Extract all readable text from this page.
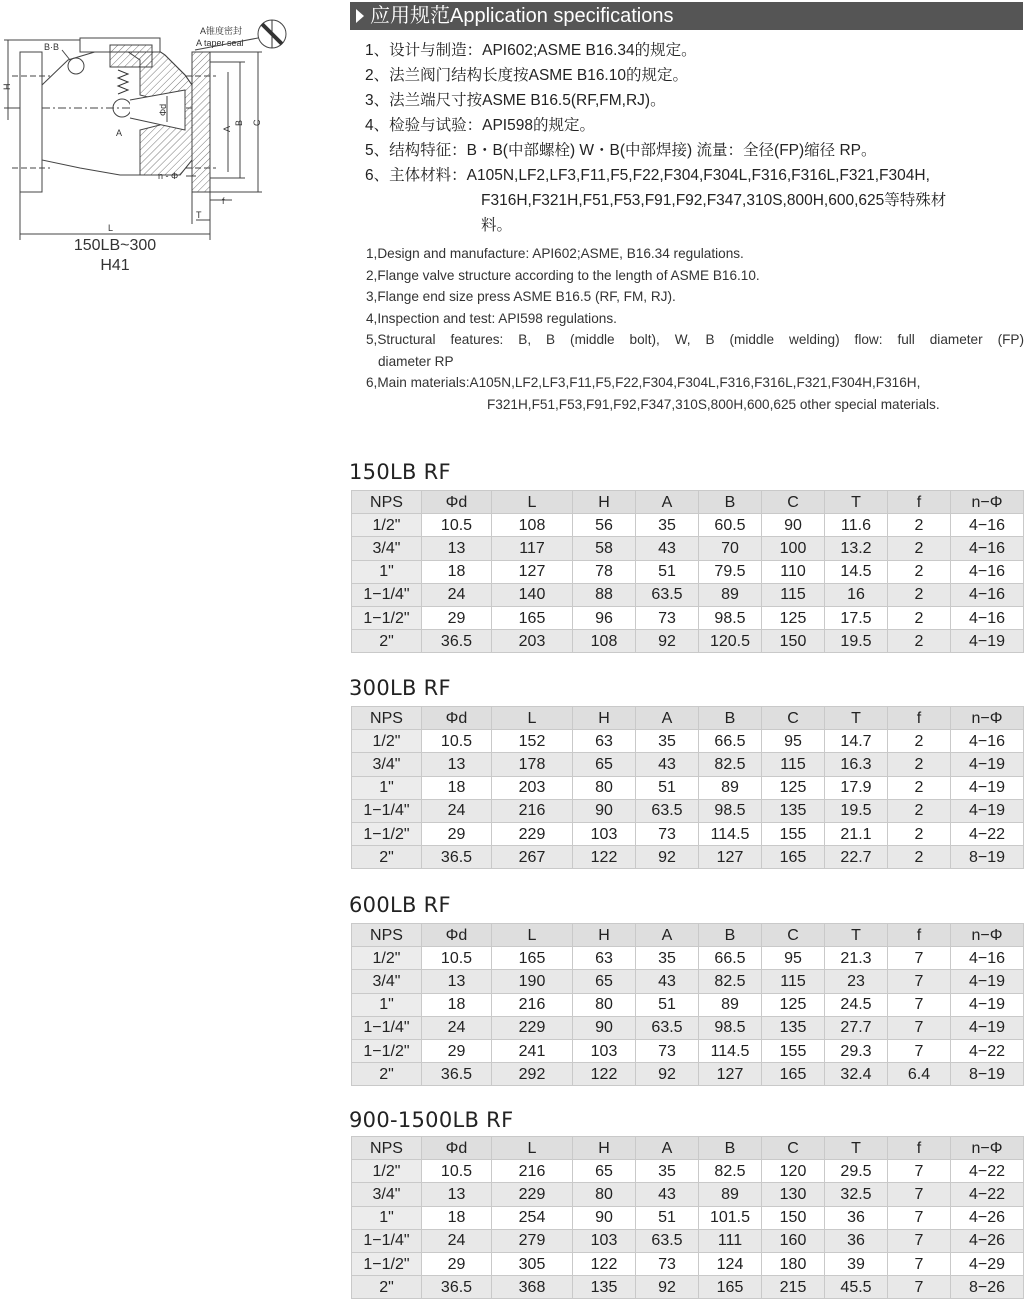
B·B
A锥度密封
A taper seal
H
Φd
A
B C
n - Φ
f
T
L
A
150LB~300
H41
应用规范Application specifications
1、设计与制造：API602;ASME B16.34的规定。
2、法兰阀门结构长度按ASME B16.10的规定。
3、法兰端尺寸按ASME B16.5(RF,FM,RJ)。
4、检验与试验：API598的规定。
5、结构特征：B・B(中部螺栓) W・B(中部焊接) 流量：全径(FP)缩径 RP。
6、主体材料：A105N,LF2,LF3,F11,F5,F22,F304,F304L,F316,F316L,F321,F304H,
F316H,F321H,F51,F53,F91,F92,F347,310S,800H,600,625等特殊材
料。
1,Design and manufacture: API602;ASME, B16.34 regulations.
2,Flange valve structure according to the length of ASME B16.10.
3,Flange end size press ASME B16.5 (RF, FM, RJ).
4,Inspection and test: API598 regulations.
5,Structural features: B, B (middle bolt), W, B (middle welding) flow: full diameter (FP)
diameter RP
6,Main materials:A105N,LF2,LF3,F11,F5,F22,F304,F304L,F316,F316L,F321,F304H,F316H,
F321H,F51,F53,F91,F92,F347,310S,800H,600,625 other special materials.
150LB RF
NPS	Φd	L	H	A	B	C	T	f	n−Φ
1/2"	10.5	108	56	35	60.5	90	11.6	2	4−16
3/4"	13	117	58	43	70	100	13.2	2	4−16
1"	18	127	78	51	79.5	110	14.5	2	4−16
1−1/4"	24	140	88	63.5	89	115	16	2	4−16
1−1/2"	29	165	96	73	98.5	125	17.5	2	4−16
2"	36.5	203	108	92	120.5	150	19.5	2	4−19
300LB RF
NPS	Φd	L	H	A	B	C	T	f	n−Φ
1/2"	10.5	152	63	35	66.5	95	14.7	2	4−16
3/4"	13	178	65	43	82.5	115	16.3	2	4−19
1"	18	203	80	51	89	125	17.9	2	4−19
1−1/4"	24	216	90	63.5	98.5	135	19.5	2	4−19
1−1/2"	29	229	103	73	114.5	155	21.1	2	4−22
2"	36.5	267	122	92	127	165	22.7	2	8−19
600LB RF
NPS	Φd	L	H	A	B	C	T	f	n−Φ
1/2"	10.5	165	63	35	66.5	95	21.3	7	4−16
3/4"	13	190	65	43	82.5	115	23	7	4−19
1"	18	216	80	51	89	125	24.5	7	4−19
1−1/4"	24	229	90	63.5	98.5	135	27.7	7	4−19
1−1/2"	29	241	103	73	114.5	155	29.3	7	4−22
2"	36.5	292	122	92	127	165	32.4	6.4	8−19
900-1500LB RF
NPS	Φd	L	H	A	B	C	T	f	n−Φ
1/2"	10.5	216	65	35	82.5	120	29.5	7	4−22
3/4"	13	229	80	43	89	130	32.5	7	4−22
1"	18	254	90	51	101.5	150	36	7	4−26
1−1/4"	24	279	103	63.5	111	160	36	7	4−26
1−1/2"	29	305	122	73	124	180	39	7	4−29
2"	36.5	368	135	92	165	215	45.5	7	8−26
